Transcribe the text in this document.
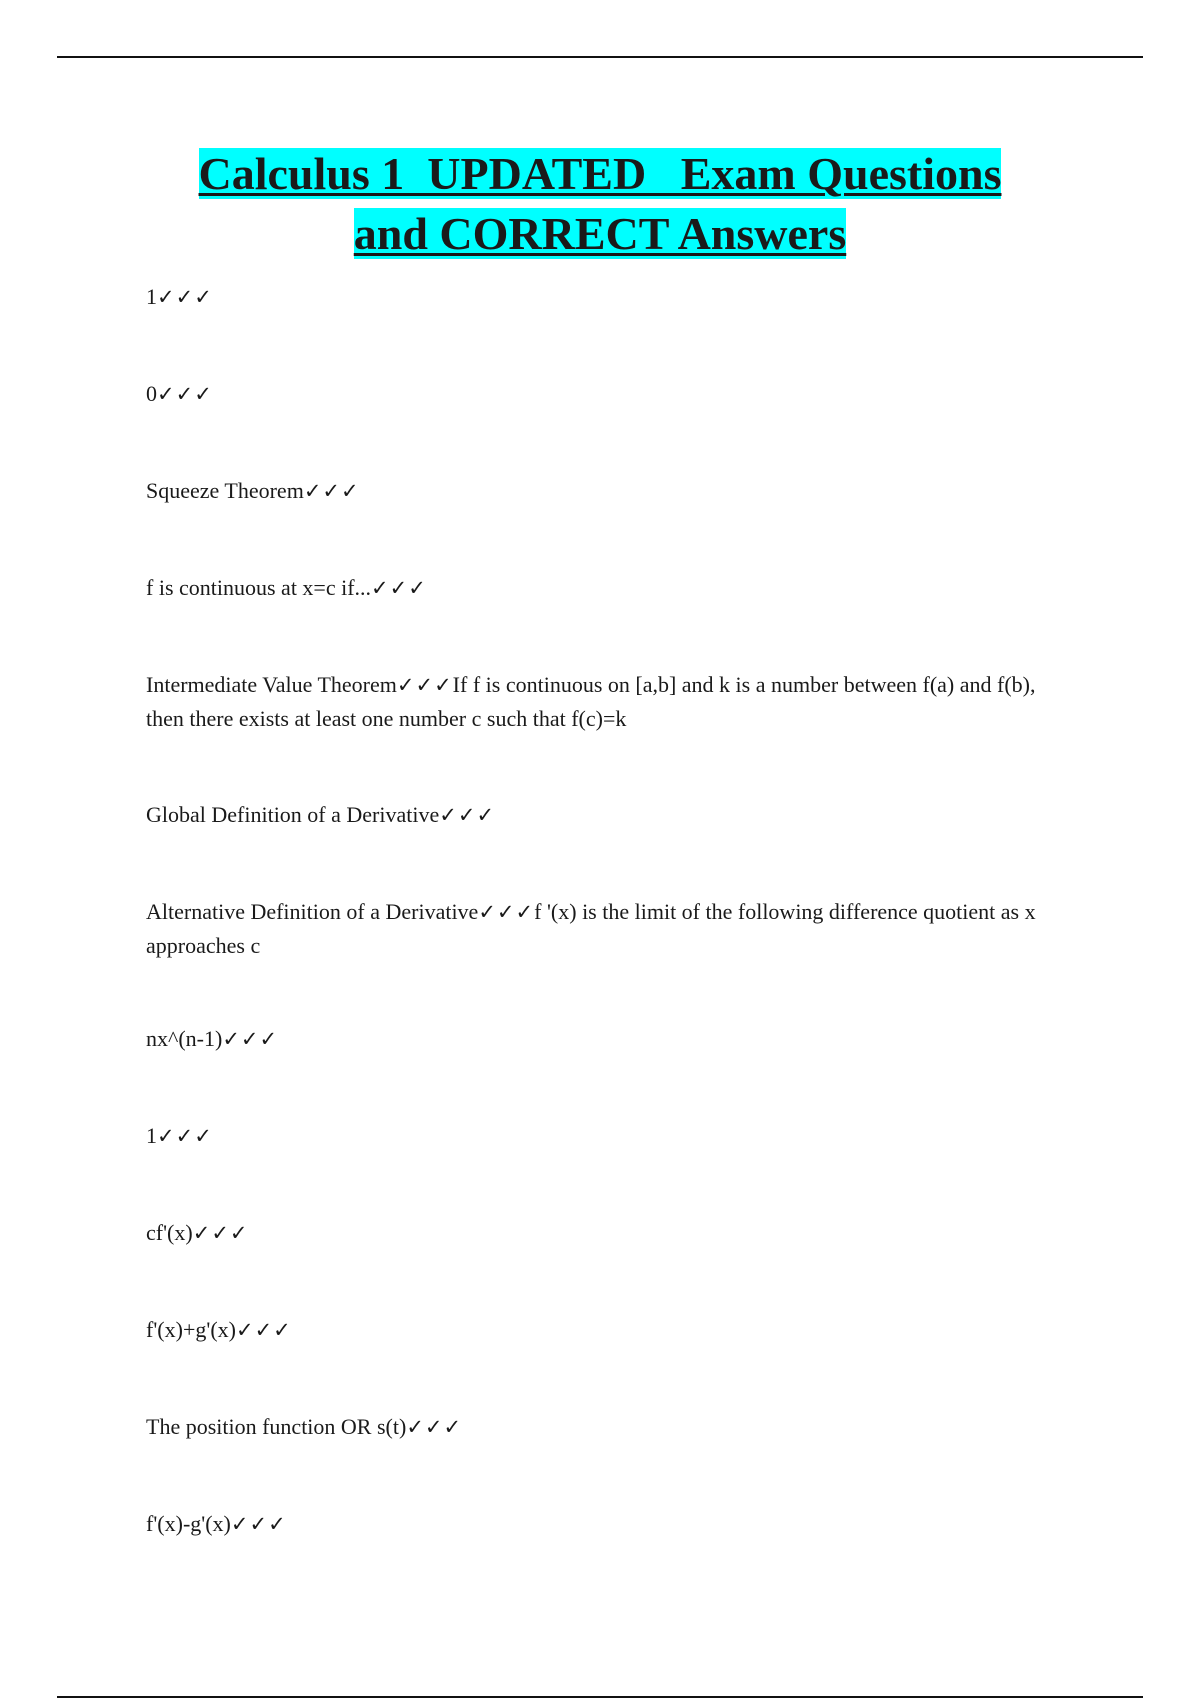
Calculus 1  UPDATED   Exam Questions
and CORRECT Answers
1✓✓✓
0✓✓✓
Squeeze Theorem✓✓✓
f is continuous at x=c if...✓✓✓
Intermediate Value Theorem✓✓✓If f is continuous on [a,b] and k is a number between f(a) and f(b), then there exists at least one number c such that f(c)=k
Global Definition of a Derivative✓✓✓
Alternative Definition of a Derivative✓✓✓f '(x) is the limit of the following difference quotient as x approaches c
nx^(n-1)✓✓✓
1✓✓✓
cf'(x)✓✓✓
f'(x)+g'(x)✓✓✓
The position function OR s(t)✓✓✓
f'(x)-g'(x)✓✓✓
